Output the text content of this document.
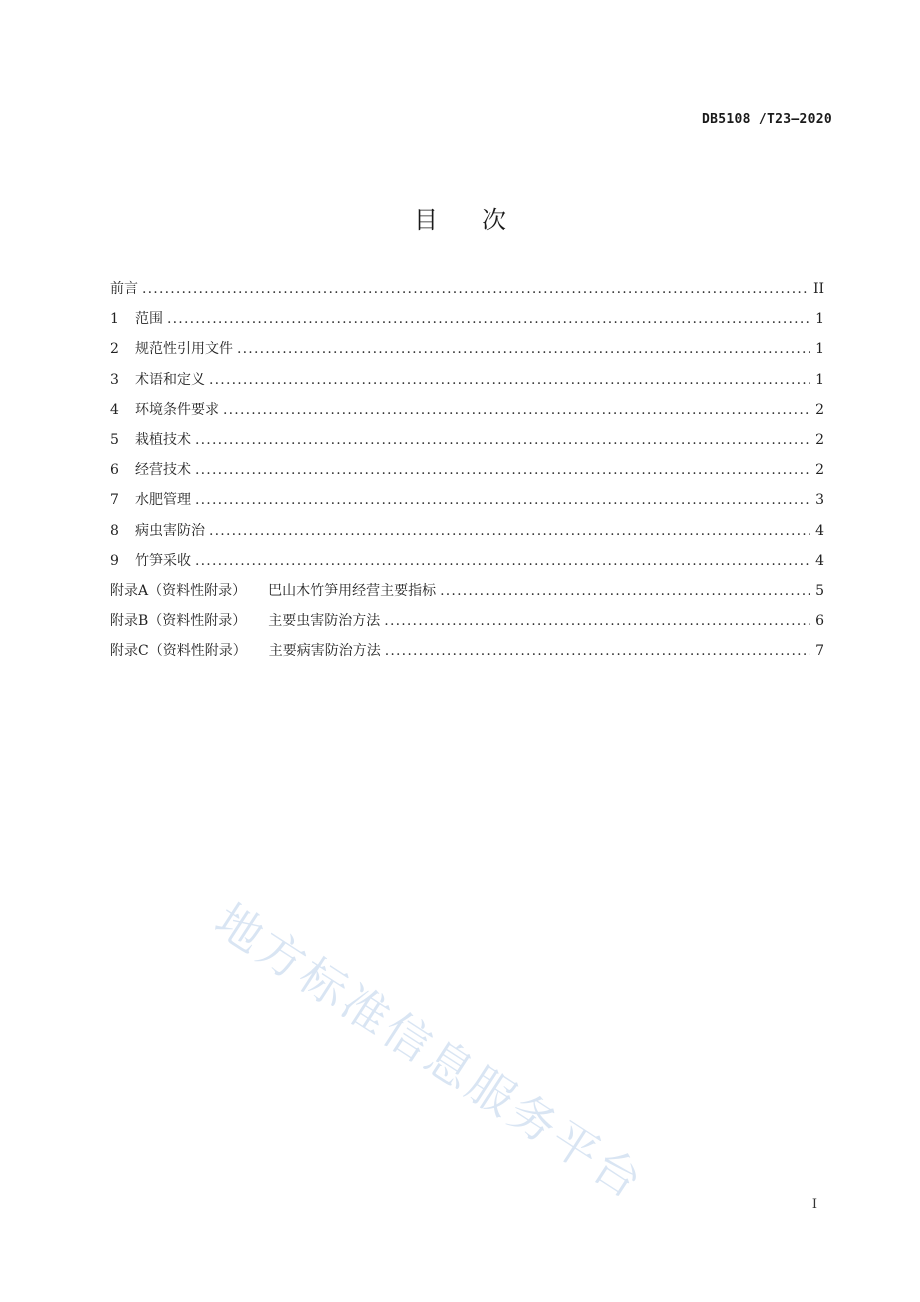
DB5108 /T23—2020
目 次
前言 .....	II
1	范围 .....	1
2	规范性引用文件 .....	1
3	术语和定义 .....	1
4	环境条件要求 .....	2
5	栽植技术 .....	2
6	经营技术 .....	2
7	水肥管理 .....	3
8	病虫害防治 .....	4
9	竹笋采收 .....	4
附录A（资料性附录） 巴山木竹笋用经营主要指标 .....	5
附录B（资料性附录） 主要虫害防治方法 .....	6
附录C（资料性附录） 主要病害防治方法 .....	7
地方标准信息服务平台	I
